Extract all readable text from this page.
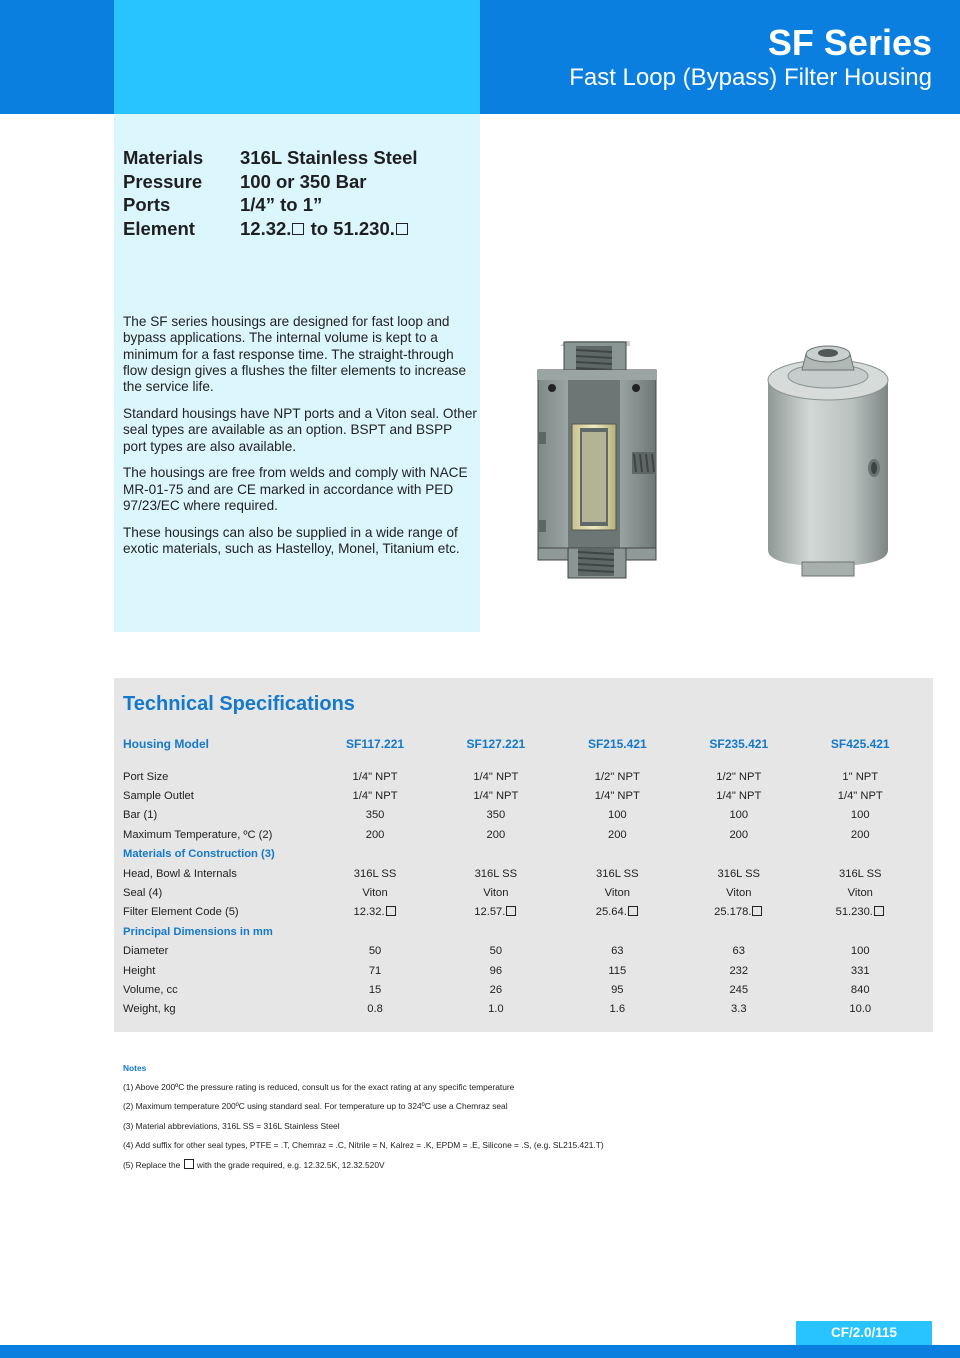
SF Series
Fast Loop (Bypass) Filter Housing
Materials	316L Stainless Steel
Pressure	100 or 350 Bar
Ports	1/4” to 1”
Element	12.32. to 51.230.

The SF series housings are designed for fast loop and bypass applications. The internal volume is kept to a minimum for a fast response time. The straight-through flow design gives a flushes the filter elements to increase the service life.

Standard housings have NPT ports and a Viton seal. Other seal types are available as an option. BSPT and BSPP port types are also available.

The housings are free from welds and comply with NACE MR-01-75 and are CE marked in accordance with PED 97/23/EC where required.

These housings can also be supplied in a wide range of exotic materials, such as Hastelloy, Monel, Titanium etc.

Technical Specifications
Housing Model	SF117.221	SF127.221	SF215.421	SF235.421	SF425.421

Port Size	1/4" NPT	1/4" NPT	1/2" NPT	1/2" NPT	1" NPT
Sample Outlet	1/4" NPT	1/4" NPT	1/4" NPT	1/4" NPT	1/4" NPT
Bar (1)	350	350	100	100	100
Maximum Temperature, ºC (2)	200	200	200	200	200
Materials of Construction (3)					
Head, Bowl & Internals	316L SS	316L SS	316L SS	316L SS	316L SS
Seal (4)	Viton	Viton	Viton	Viton	Viton
Filter Element Code (5)	12.32.	12.57.	25.64.	25.178.	51.230.
Principal Dimensions in mm					
Diameter	50	50	63	63	100
Height	71	96	115	232	331
Volume, cc	15	26	95	245	840
Weight, kg	0.8	1.0	1.6	3.3	10.0
Notes
(1) Above 200ºC the pressure rating is reduced, consult us for the exact rating at any specific temperature
(2) Maximum temperature 200ºC using standard seal. For temperature up to 324ºC use a Chemraz seal
(3) Material abbreviations, 316L SS = 316L Stainless Steel
(4) Add suffix for other seal types, PTFE = .T, Chemraz = .C, Nitrile = N, Kalrez = .K, EPDM = .E, Silicone = .S, (e.g. SL215.421.T)
(5) Replace the  with the grade required, e.g. 12.32.5K, 12.32.520V
CF/2.0/115
